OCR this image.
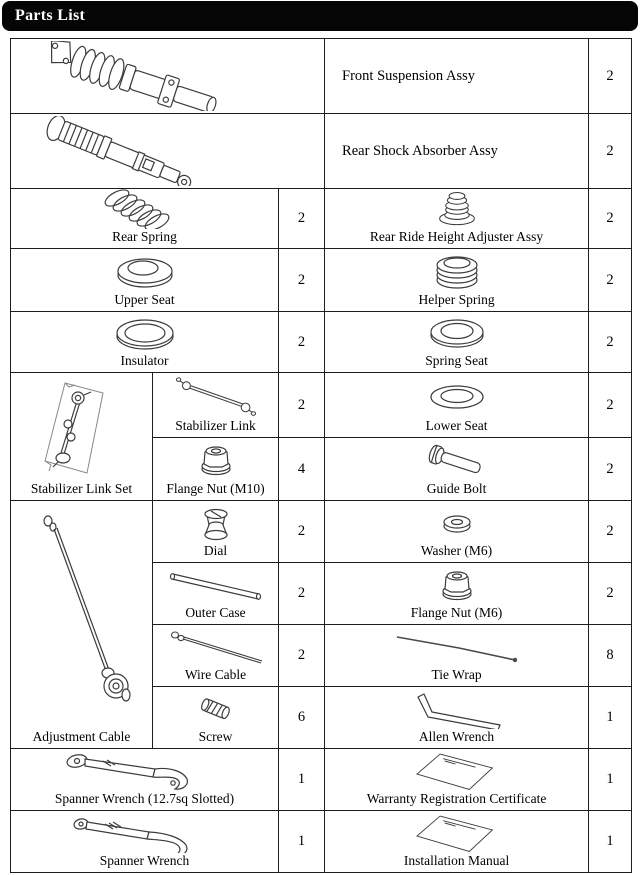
Parts List
	Front Suspension Assy	2

	Rear Shock Absorber Assy	2

Rear Spring		2	Rear Ride Height Adjuster Assy	2

Upper Seat		2	Helper Spring	2

Insulator		2	Spring Seat	2

Stabilizer Link Set	Stabilizer Link	2	Lower Seat	2

	Flange Nut (M10)	4	Guide Bolt	2

Adjustment Cable	Dial	2	Washer (M6)	2

	Outer Case	2	Flange Nut (M6)	2

	Wire Cable	2	Tie Wrap	8

	Screw	6	Allen Wrench	1

Spanner Wrench (12.7sq Slotted)		1	Warranty Registration Certificate	1

Spanner Wrench		1	Installation Manual	1
